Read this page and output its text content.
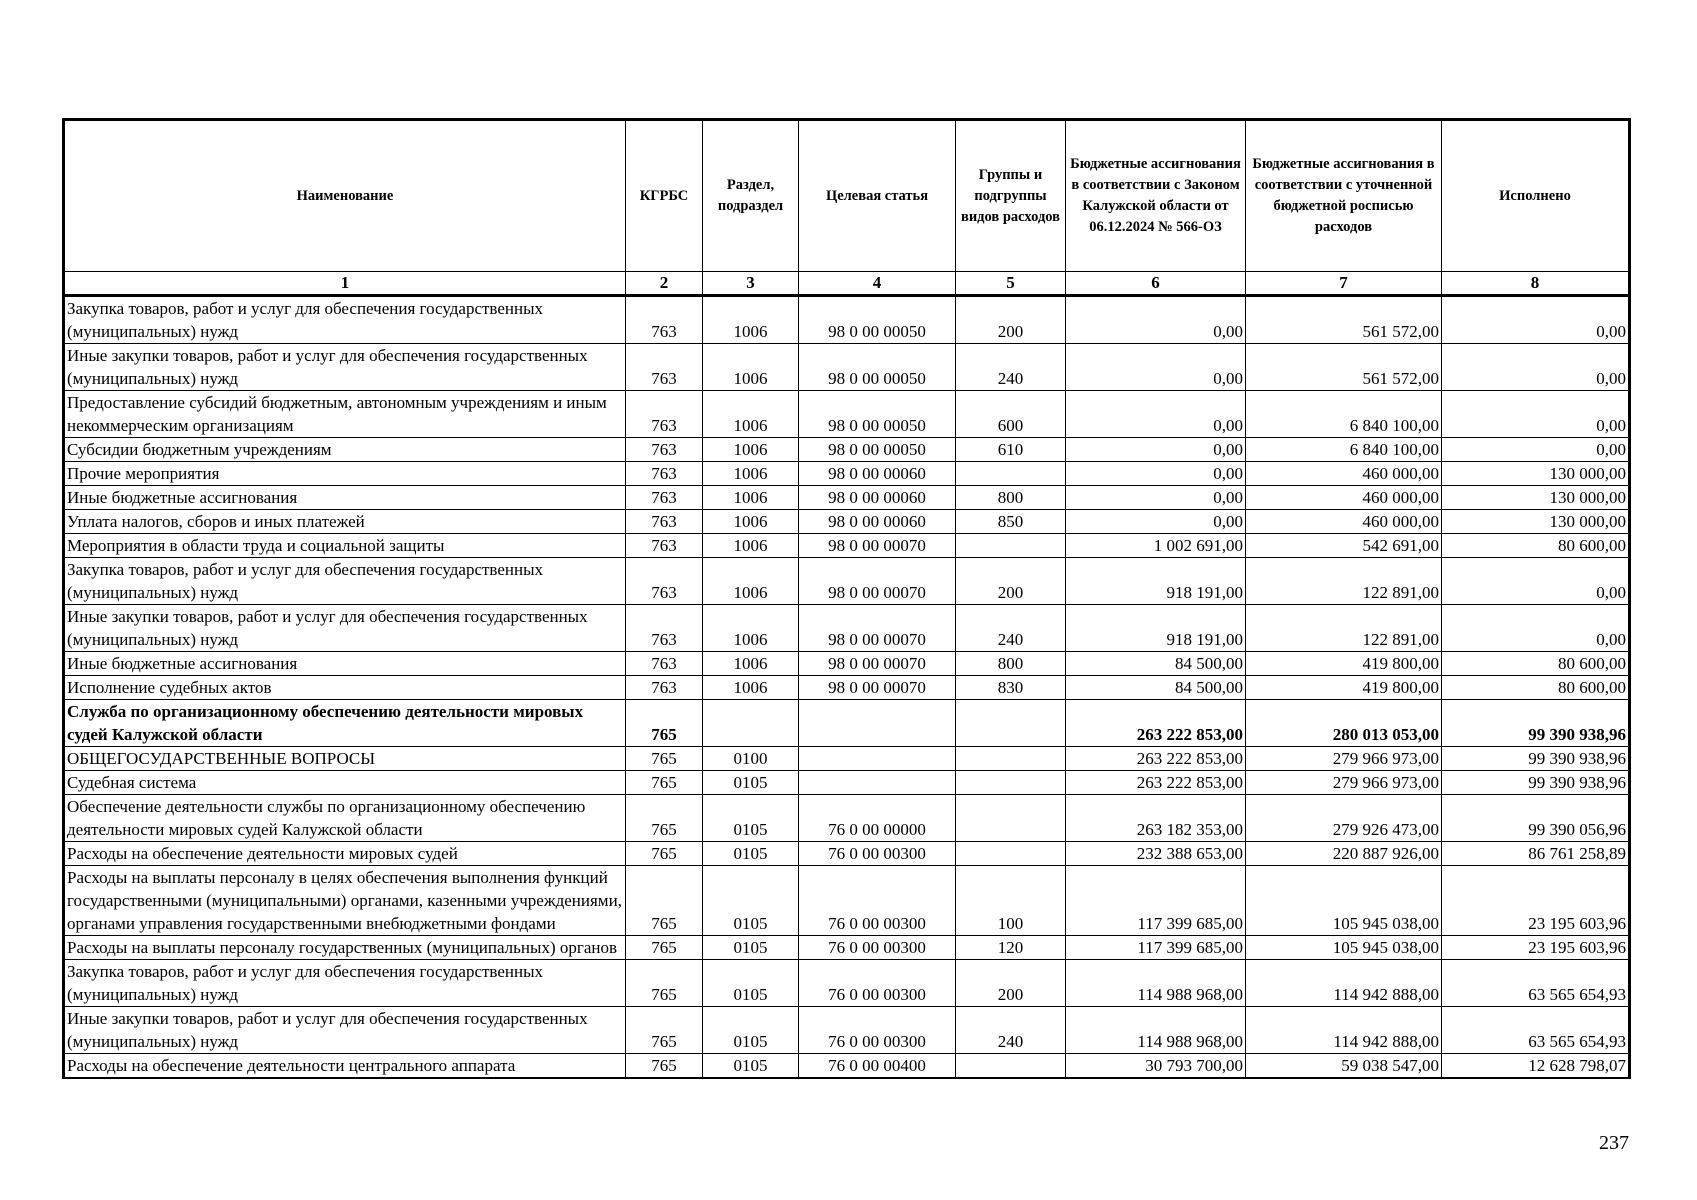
Наименование	КГРБС	Раздел, подраздел	Целевая статья	Группы и подгруппы видов расходов	Бюджетные ассигнования в соответствии с Законом Калужской области от 06.12.2024 № 566-ОЗ	Бюджетные ассигнования в соответствии с уточненной бюджетной росписью расходов	Исполнено
1	2	3	4	5	6	7	8
Закупка товаров, работ и услуг для обеспечения государственных (муниципальных) нужд	763	1006	98 0 00 00050	200	0,00	561 572,00	0,00
Иные закупки товаров, работ и услуг для обеспечения государственных (муниципальных) нужд	763	1006	98 0 00 00050	240	0,00	561 572,00	0,00
Предоставление субсидий бюджетным, автономным учреждениям и иным некоммерческим организациям	763	1006	98 0 00 00050	600	0,00	6 840 100,00	0,00
Субсидии бюджетным учреждениям	763	1006	98 0 00 00050	610	0,00	6 840 100,00	0,00
Прочие мероприятия	763	1006	98 0 00 00060		0,00	460 000,00	130 000,00
Иные бюджетные ассигнования	763	1006	98 0 00 00060	800	0,00	460 000,00	130 000,00
Уплата налогов, сборов и иных платежей	763	1006	98 0 00 00060	850	0,00	460 000,00	130 000,00
Мероприятия в области труда и социальной защиты	763	1006	98 0 00 00070		1 002 691,00	542 691,00	80 600,00
Закупка товаров, работ и услуг для обеспечения государственных (муниципальных) нужд	763	1006	98 0 00 00070	200	918 191,00	122 891,00	0,00
Иные закупки товаров, работ и услуг для обеспечения государственных (муниципальных) нужд	763	1006	98 0 00 00070	240	918 191,00	122 891,00	0,00
Иные бюджетные ассигнования	763	1006	98 0 00 00070	800	84 500,00	419 800,00	80 600,00
Исполнение судебных актов	763	1006	98 0 00 00070	830	84 500,00	419 800,00	80 600,00
Служба по организационному обеспечению деятельности мировых судей Калужской области	765				263 222 853,00	280 013 053,00	99 390 938,96
ОБЩЕГОСУДАРСТВЕННЫЕ ВОПРОСЫ	765	0100			263 222 853,00	279 966 973,00	99 390 938,96
Судебная система	765	0105			263 222 853,00	279 966 973,00	99 390 938,96
Обеспечение деятельности службы по организационному обеспечению деятельности мировых судей Калужской области	765	0105	76 0 00 00000		263 182 353,00	279 926 473,00	99 390 056,96
Расходы на обеспечение деятельности мировых судей	765	0105	76 0 00 00300		232 388 653,00	220 887 926,00	86 761 258,89
Расходы на выплаты персоналу в целях обеспечения выполнения функций государственными (муниципальными) органами, казенными учреждениями, органами управления государственными внебюджетными фондами	765	0105	76 0 00 00300	100	117 399 685,00	105 945 038,00	23 195 603,96
Расходы на выплаты персоналу государственных (муниципальных) органов	765	0105	76 0 00 00300	120	117 399 685,00	105 945 038,00	23 195 603,96
Закупка товаров, работ и услуг для обеспечения государственных (муниципальных) нужд	765	0105	76 0 00 00300	200	114 988 968,00	114 942 888,00	63 565 654,93
Иные закупки товаров, работ и услуг для обеспечения государственных (муниципальных) нужд	765	0105	76 0 00 00300	240	114 988 968,00	114 942 888,00	63 565 654,93
Расходы на обеспечение деятельности центрального аппарата	765	0105	76 0 00 00400		30 793 700,00	59 038 547,00	12 628 798,07
237
